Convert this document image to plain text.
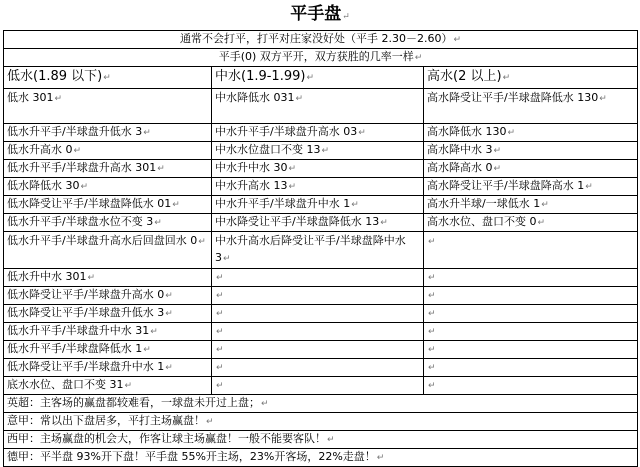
平手盘↵
通常不会打平，打平对庄家没好处（平手 2.30－2.60）↵		
平手(0) 双方平开，双方获胜的几率一样↵		
低水(1.89 以下)↵	中水(1.9-1.99)↵	高水(2 以上)↵
低水 301↵	中水降低水 031↵	高水降受让平手/半球盘降低水 130↵
低水升平手/半球盘升低水 3↵	中水升平手/半球盘升高水 03↵	高水降低水 130↵
低水升高水 0↵	中水水位盘口不变 13↵	高水降中水 3↵
低水升平手/半球盘升高水 301↵	中水升中水 30↵	高水降高水 0↵
低水降低水 30↵	中水升高水 13↵	高水降受让平手/半球盘降高水 1↵
低水降受让平手/半球盘降低水 01↵	中水升平手/半球盘升中水 1↵	高水升半球/一球低水 1↵
低水升平手/半球盘水位不变 3↵	中水降受让平手/半球盘降低水 13↵	高水水位、盘口不变 0↵
低水升平手/半球盘升高水后回盘回水 0↵	中水升高水后降受让平手/半球盘降中水 3↵	↵
低水升中水 301↵	↵	↵
低水降受让平手/半球盘升高水 0↵	↵	↵
低水降受让平手/半球盘升低水 3↵	↵	↵
低水升平手/半球盘升中水 31↵	↵	↵
低水升平手/半球盘降低水 1↵	↵	↵
低水降受让平手/半球盘升中水 1↵	↵	↵
底水水位、盘口不变 31↵	↵	↵
英超：主客场的赢盘都较难看，一球盘未开过上盘；↵		
意甲：常以出下盘居多，平打主场赢盘！↵		
西甲：主场赢盘的机会大，作客让球主场赢盘！一般不能要客队！↵		
德甲：平半盘 93%开下盘！平手盘 55%开主场，23%开客场，22%走盘！↵		
